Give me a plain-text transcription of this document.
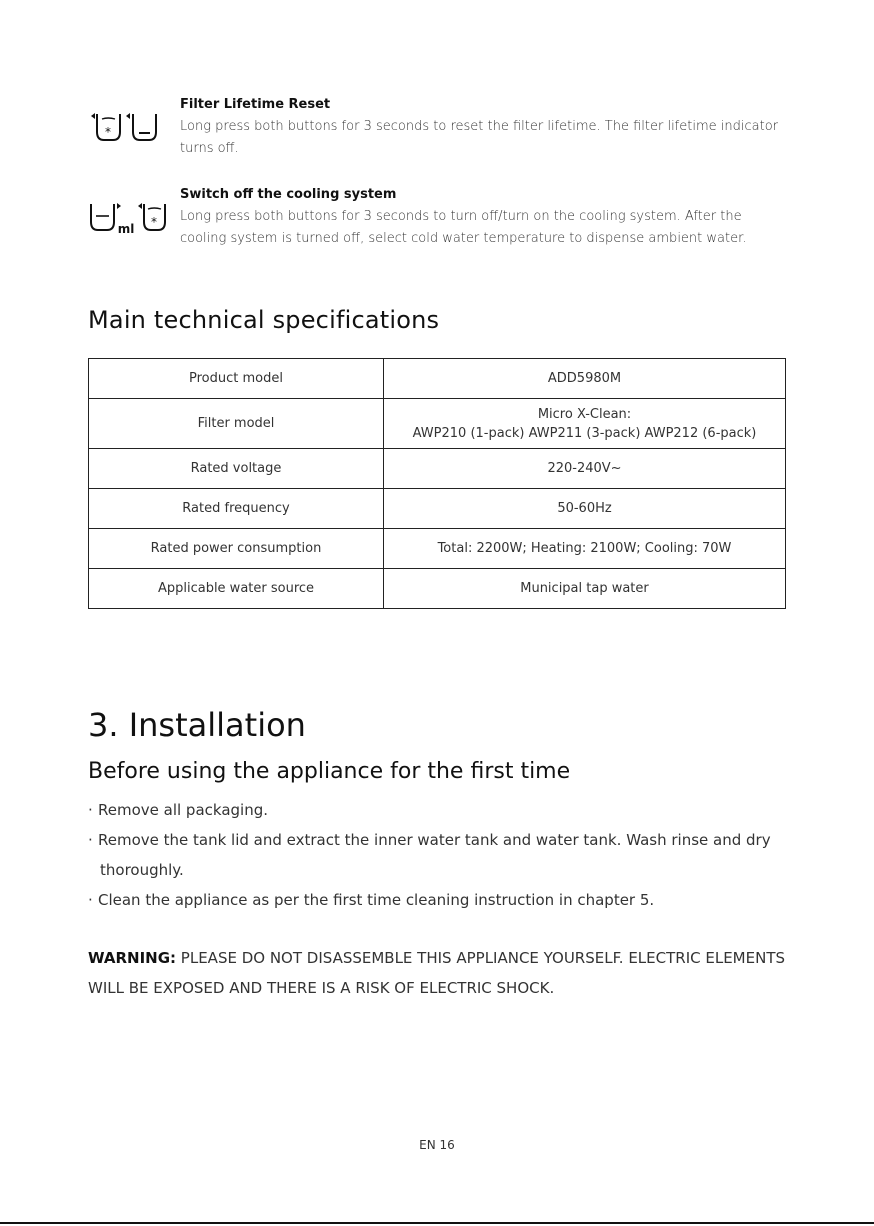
*
Filter Lifetime Reset
Long press both buttons for 3 seconds to reset the filter lifetime. The filter lifetime indicator turns off.
ml *
Switch off the cooling system
Long press both buttons for 3 seconds to turn off/turn on the cooling system. After the cooling system is turned off, select cold water temperature to dispense ambient water.
Main technical specifications
Product model	ADD5980M

Filter model	Micro X-Clean:
AWP210 (1-pack) AWP211 (3-pack) AWP212 (6-pack)

Rated voltage	220-240V~

Rated frequency	50-60Hz

Rated power consumption	Total: 2200W; Heating: 2100W; Cooling: 70W

Applicable water source	Municipal tap water
3. Installation
Before using the appliance for the first time
· Remove all packaging.
· Remove the tank lid and extract the inner water tank and water tank. Wash rinse and dry
thoroughly.
· Clean the appliance as per the first time cleaning instruction in chapter 5.
WARNING: PLEASE DO NOT DISASSEMBLE THIS APPLIANCE YOURSELF. ELECTRIC ELEMENTS WILL BE EXPOSED AND THERE IS A RISK OF ELECTRIC SHOCK.
EN 16
